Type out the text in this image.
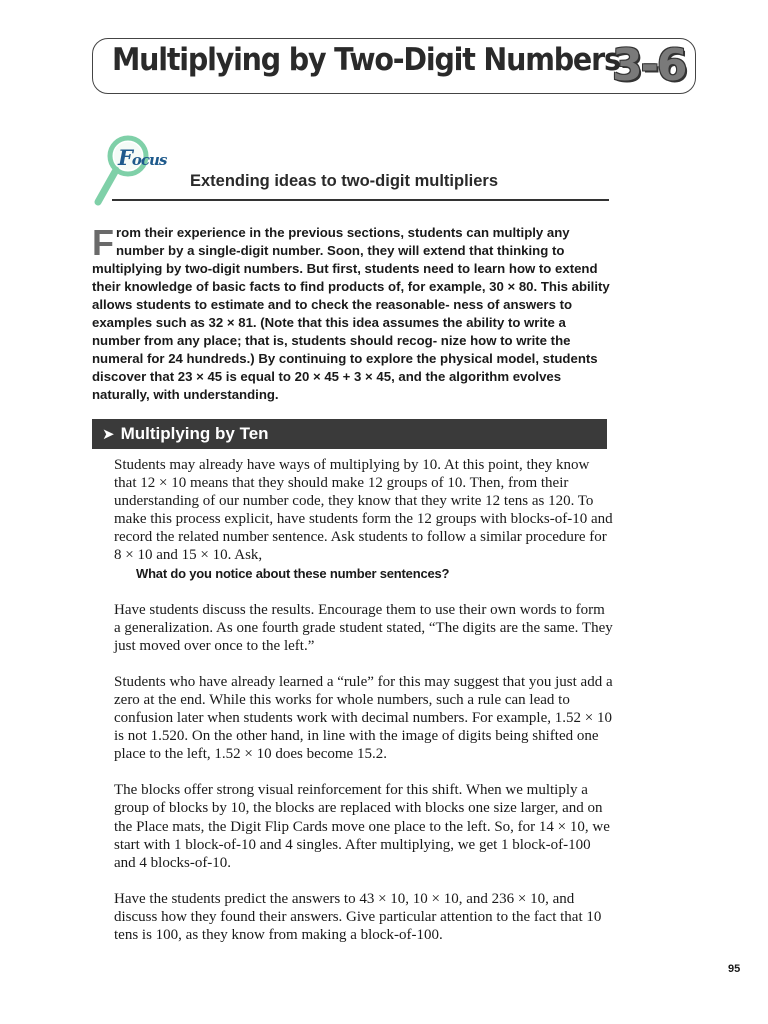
Multiplying by Two-Digit Numbers
3-6
Focus
Extending ideas to two-digit multipliers

From their experience in the previous sections, students can multiply any number by a single-digit number. Soon, they will extend that thinking to multiplying by two-digit numbers. But first, students need to learn how to extend their knowledge of basic facts to find products of, for example, 30 × 80. This ability allows students to estimate and to check the reasonable- ness of answers to examples such as 32 × 81. (Note that this idea assumes the ability to write a number from any place; that is, students should recog- nize how to write the numeral for 24 hundreds.) By continuing to explore the physical model, students discover that 23 × 45 is equal to 20 × 45 + 3 × 45, and the algorithm evolves naturally, with understanding.

➤ Multiplying by Ten

Students may already have ways of multiplying by 10. At this point, they know that 12 × 10 means that they should make 12 groups of 10. Then, from their understanding of our number code, they know that they write 12 tens as 120. To make this process explicit, have students form the 12 groups with blocks-of-10 and record the related number sentence. Ask students to follow a similar procedure for 8 × 10 and 15 × 10. Ask,

What do you notice about these number sentences?

Have students discuss the results. Encourage them to use their own words to form a generalization. As one fourth grade student stated, “The digits are the same. They just moved over once to the left.”

Students who have already learned a “rule” for this may suggest that you just add a zero at the end. While this works for whole numbers, such a rule can lead to confusion later when students work with decimal numbers. For example, 1.52 × 10 is not 1.520. On the other hand, in line with the image of digits being shifted one place to the left, 1.52 × 10 does become 15.2.

The blocks offer strong visual reinforcement for this shift. When we multiply a group of blocks by 10, the blocks are replaced with blocks one size larger, and on the Place mats, the Digit Flip Cards move one place to the left. So, for 14 × 10, we start with 1 block-of-10 and 4 singles. After multiplying, we get 1 block-of-100 and 4 blocks-of-10.

Have the students predict the answers to 43 × 10, 10 × 10, and 236 × 10, and discuss how they found their answers. Give particular attention to the fact that 10 tens is 100, as they know from making a block-of-100.

95
